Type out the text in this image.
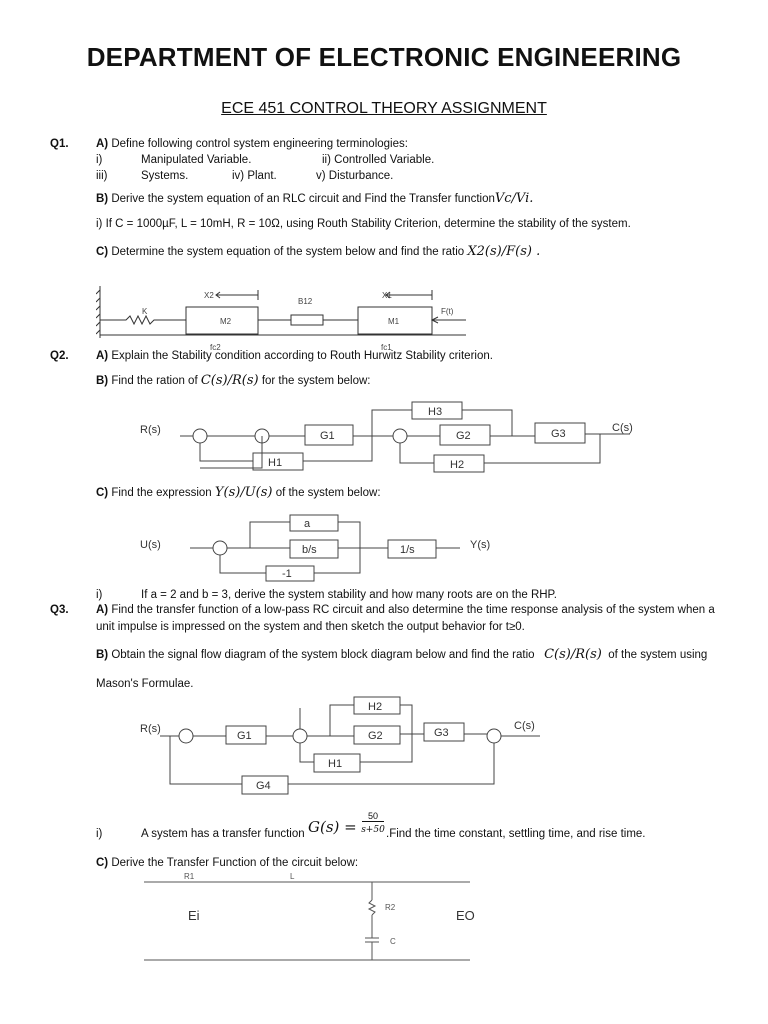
DEPARTMENT OF ELECTRONIC ENGINEERING
ECE 451 CONTROL THEORY ASSIGNMENT
Q1. A) Define following control system engineering terminologies:
i)	Manipulated Variable.	ii) Controlled Variable.
iii)	Systems.	iv) Plant.	v) Disturbance.
B) Derive the system equation of an RLC circuit and Find the Transfer functionVc/Vi.
i) If C = 1000µF, L = 10mH, R = 10Ω, using Routh Stability Criterion, determine the stability of the system.
C) Determine the system equation of the system below and find the ratio X2(s)/F(s) .
X2
B12
X1
F(t)
K
M2	M1
fc2	fc1
Q2. A) Explain the Stability condition according to Routh Hurwitz Stability criterion.
B) Find the ration of C(s)/R(s) for the system below:
R(s)	C(s)
G1	G2	G3
H3
H1	H2
C) Find the expression Y(s)/U(s) of the system below:
U(s)	Y(s)
a
b/s	1/s
-1
i)	If a = 2 and b = 3, derive the system stability and how many roots are on the RHP.
Q3. A) Find the transfer function of a low-pass RC circuit and also determine the time response analysis of the system when a
unit impulse is impressed on the system and then sketch the output behavior for t≥0.
B) Obtain the signal flow diagram of the system block diagram below and find the ratio C(s)/R(s) of the system using
Mason's Formulae.
R(s)	C(s)
G1	G2	G3
H2
H1
G4
i)	A system has a transfer function G(s) =
50
s+50 .Find the time constant, settling time, and rise time.
C) Derive the Transfer Function of the circuit below:
R1	L
R2
C
Ei	EO
